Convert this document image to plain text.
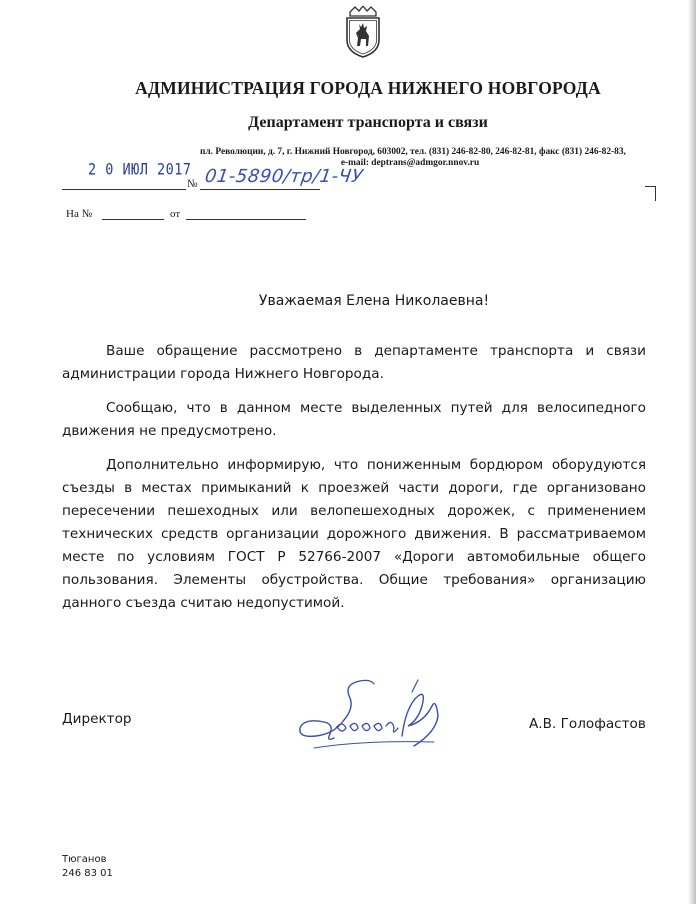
АДМИНИСТРАЦИЯ ГОРОДА НИЖНЕГО НОВГОРОДА
Департамент транспорта и связи
пл. Революции, д. 7, г. Нижний Новгород, 603002, тел. (831) 246-82-80, 246-82-81, факс (831) 246-82-83,
e-mail: deptrans@admgor.nnov.ru
2 0 ИЮЛ 2017
№ 01-5890/тр/1-ЧУ
На №	от
Уважаемая Елена Николаевна!

Ваше обращение рассмотрено в департаменте транспорта и связи администрации города Нижнего Новгорода.

Сообщаю, что в данном месте выделенных путей для велосипедного движения не предусмотрено.

Дополнительно информирую, что пониженным бордюром оборудуются съезды в местах примыканий к проезжей части дороги, где организовано пересечении пешеходных или велопешеходных дорожек, с применением технических средств организации дорожного движения. В рассматриваемом месте по условиям ГОСТ Р 52766-2007 «Дороги автомобильные общего пользования. Элементы обустройства. Общие требования» организацию данного съезда считаю недопустимой.

Директор	А.В. Голофастов
Тюганов
246 83 01
